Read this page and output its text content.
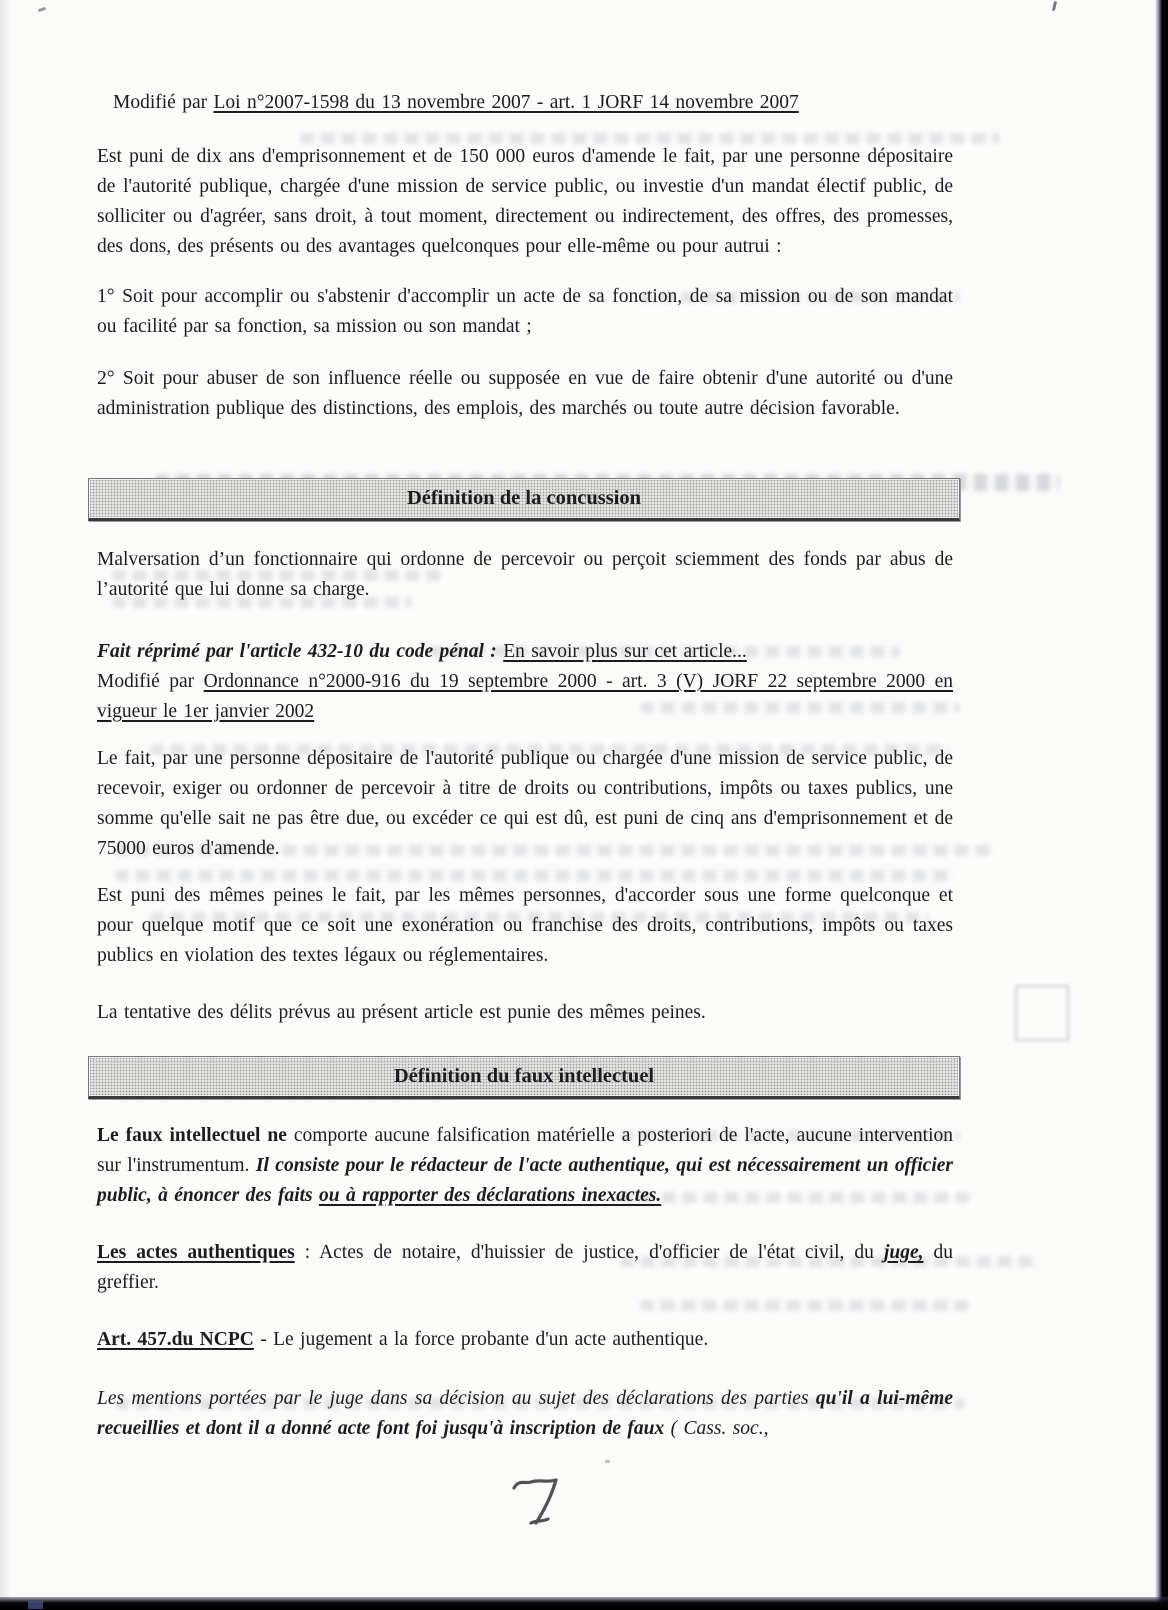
Modifié par Loi n°2007-1598 du 13 novembre 2007 - art. 1 JORF 14 novembre 2007
Est puni de dix ans d'emprisonnement et de 150 000 euros d'amende le fait, par une personne dépositaire de l'autorité publique, chargée d'une mission de service public, ou investie d'un mandat électif public, de solliciter ou d'agréer, sans droit, à tout moment, directement ou indirectement, des offres, des promesses, des dons, des présents ou des avantages quelconques pour elle-même ou pour autrui :
1° Soit pour accomplir ou s'abstenir d'accomplir un acte de sa fonction, de sa mission ou de son mandat ou facilité par sa fonction, sa mission ou son mandat ;
2° Soit pour abuser de son influence réelle ou supposée en vue de faire obtenir d'une autorité ou d'une administration publique des distinctions, des emplois, des marchés ou toute autre décision favorable.
Définition de la concussion
Malversation d’un fonctionnaire qui ordonne de percevoir ou perçoit sciemment des fonds par abus de l’autorité que lui donne sa charge.
Fait réprimé par l'article 432-10 du code pénal : En savoir plus sur cet article...
Modifié par Ordonnance n°2000-916 du 19 septembre 2000 - art. 3 (V) JORF 22 septembre 2000 en vigueur le 1er janvier 2002
Le fait, par une personne dépositaire de l'autorité publique ou chargée d'une mission de service public, de recevoir, exiger ou ordonner de percevoir à titre de droits ou contributions, impôts ou taxes publics, une somme qu'elle sait ne pas être due, ou excéder ce qui est dû, est puni de cinq ans d'emprisonnement et de 75000 euros d'amende.
Est puni des mêmes peines le fait, par les mêmes personnes, d'accorder sous une forme quelconque et pour quelque motif que ce soit une exonération ou franchise des droits, contributions, impôts ou taxes publics en violation des textes légaux ou réglementaires.
La tentative des délits prévus au présent article est punie des mêmes peines.
Définition du faux intellectuel
Le faux intellectuel ne comporte aucune falsification matérielle a posteriori de l'acte, aucune intervention sur l'instrumentum. Il consiste pour le rédacteur de l'acte authentique, qui est nécessairement un officier public, à énoncer des faits ou à rapporter des déclarations inexactes.
Les actes authentiques : Actes de notaire, d'huissier de justice, d'officier de l'état civil, du juge, du greffier.
Art. 457.du NCPC - Le jugement a la force probante d'un acte authentique.
Les mentions portées par le juge dans sa décision au sujet des déclarations des parties qu'il a lui-même recueillies et dont il a donné acte font foi jusqu'à inscription de faux ( Cass. soc.,
